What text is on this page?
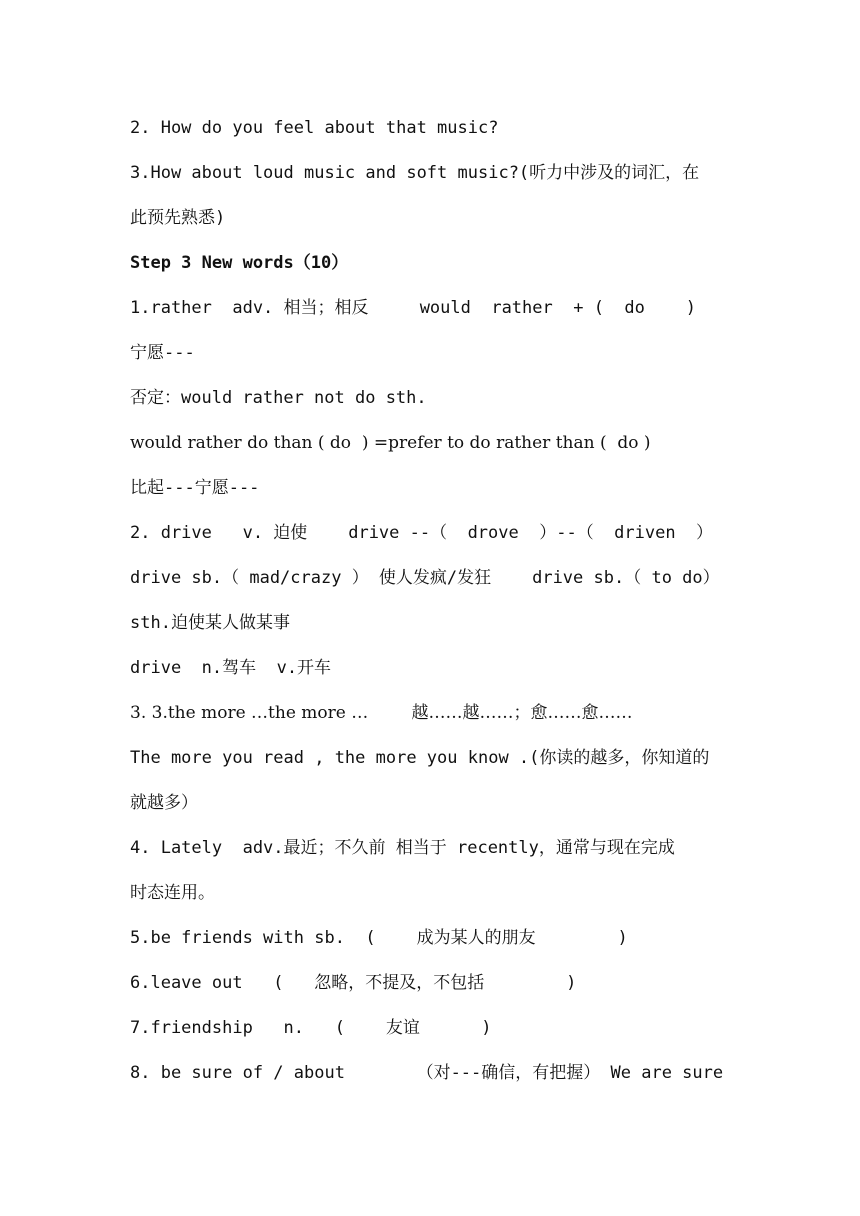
2. How do you feel about that music?
3.How about loud music and soft music?(听力中涉及的词汇，在
此预先熟悉)
Step 3 New words（10）
1.rather  adv. 相当；相反     would  rather  + (  do    )
宁愿---
否定：would rather not do sth.
would rather do than ( do  ) =prefer to do rather than (  do )
比起---宁愿---
2. drive   v. 迫使    drive --（  drove  ）--（  driven  ）
drive sb.（ mad/crazy ） 使人发疯/发狂    drive sb.（ to do）
sth.迫使某人做某事
drive  n.驾车  v.开车
3. 3.the more …the more …        越……越……；愈……愈……
The more you read , the more you know .(你读的越多，你知道的
就越多）
4. Lately  adv.最近；不久前 相当于 recently，通常与现在完成
时态连用。
5.be friends with sb.  (    成为某人的朋友        )
6.leave out   (   忽略，不提及，不包括        )
7.friendship   n.   (    友谊      )
8. be sure of / about       （对---确信，有把握） We are sure
